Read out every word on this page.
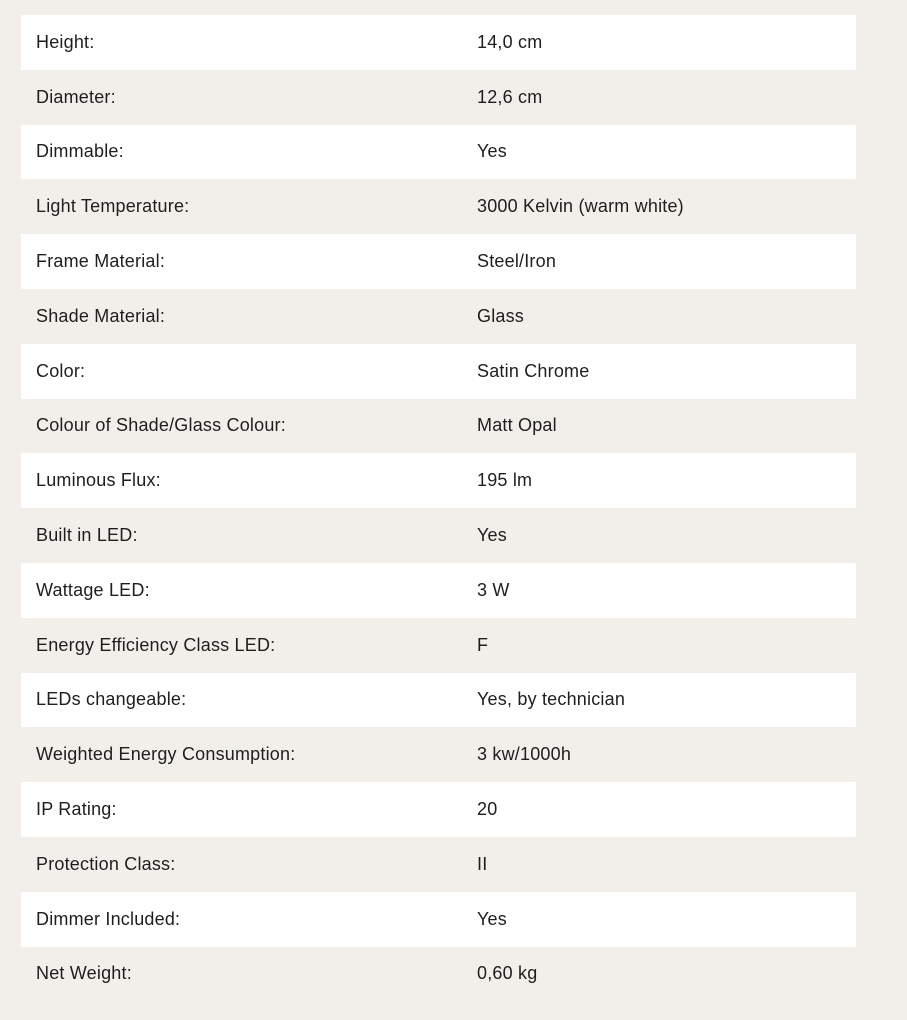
Height:	14,0 cm
Diameter:	12,6 cm
Dimmable:	Yes
Light Temperature:	3000 Kelvin (warm white)
Frame Material:	Steel/Iron
Shade Material:	Glass
Color:	Satin Chrome
Colour of Shade/Glass Colour:	Matt Opal
Luminous Flux:	195 lm
Built in LED:	Yes
Wattage LED:	3 W
Energy Efficiency Class LED:	F
LEDs changeable:	Yes, by technician
Weighted Energy Consumption:	3 kw/1000h
IP Rating:	20
Protection Class:	II
Dimmer Included:	Yes
Net Weight:	0,60 kg
